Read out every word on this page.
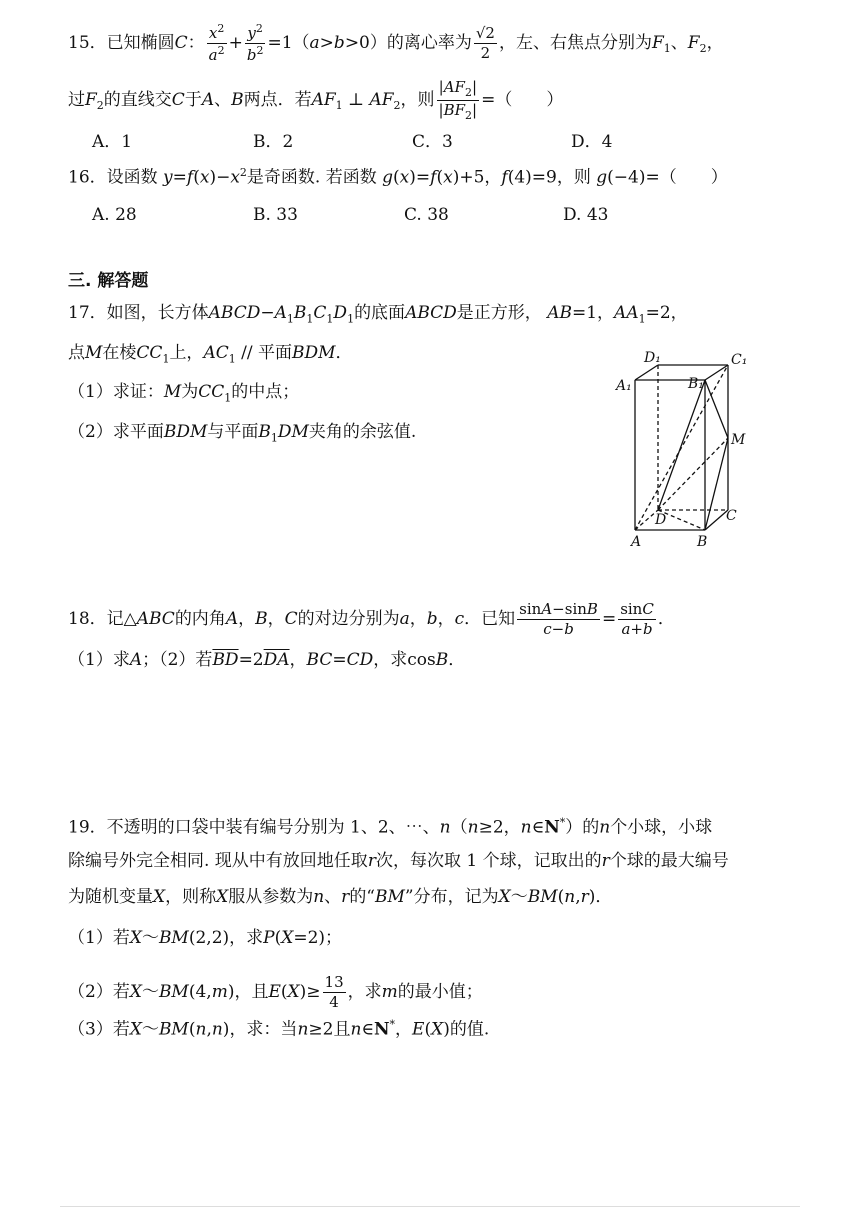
15．已知椭圆C： $\frac{x^2}{a^2} + \frac{y^2}{b^2} =1(a>b>0)$的离心率为 $\frac{√2}{2}$ ，左、右焦点分别为$F_1$、$F_2$，
过$F_2$的直线交C于A、B两点．若$AF_1$ ⊥ $AF_2$，则 $\frac{|AF_2|}{|BF_2|}$ =（　　）
A．1	B．2	C．3	D．4
16．设函数 $y=f(x)-x^2$是奇函数. 若函数 g(x)=f(x)+5，f(4)=9，则 g(−4)=（　　）
A. 28	B. 33	C. 38	D. 43
三. 解答题
17．如图，长方体$ABCD-A_1B_1C_1D_1$的底面ABCD是正方形， AB=1，$AA_1=2$，
点M在棱$CC_1$上，$AC_1$ // 平面BDM．
（1）求证：M为$CC_1$的中点；
（2）求平面BDM与平面$B_1DM$夹角的余弦值.
D₁	C₁
A₁	B₁
M
D	C
A	B
18．记△ABC的内角A，B，C的对边分别为a，b，c．已知 $\frac{\sin A-\sin B}{c-b} = \frac{\sin C}{a+b}$ ．
（1）求A；（2）若$\overline{BD}=2\overline{DA}$，BC=CD，求cosB．
19．不透明的口袋中装有编号分别为 1、2、⋯、n（n≥2，n∈N*）的n个小球，小球
除编号外完全相同. 现从中有放回地任取r次，每次取 1 个球，记取出的r个球的最大编号
为随机变量X，则称X服从参数为n、r的“BM”分布，记为X～BM(n,r)．
（1）若X～BM(2,2)，求P(X=2)；
（2）若X～BM(4,m)，且$E(X)\ge \frac{13}{4}$ ，求m的最小值；
（3）若X～BM(n,n)，求：当n≥2且n∈N*，E(X)的值.
